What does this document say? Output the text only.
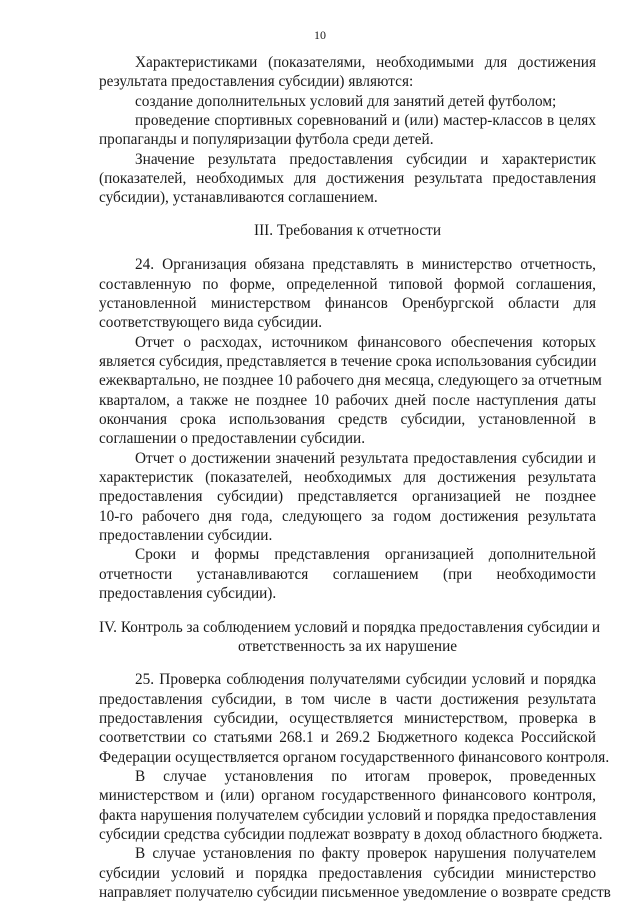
10
Характеристиками (показателями, необходимыми для достижения
результата предоставления субсидии) являются:
создание дополнительных условий для занятий детей футболом;
проведение спортивных соревнований и (или) мастер-классов в целях
пропаганды и популяризации футбола среди детей.
Значение результата предоставления субсидии и характеристик
(показателей, необходимых для достижения результата предоставления
субсидии), устанавливаются соглашением.
III. Требования к отчетности
24. Организация обязана представлять в министерство отчетность,
составленную по форме, определенной типовой формой соглашения,
установленной министерством финансов Оренбургской области для
соответствующего вида субсидии.
Отчет о расходах, источником финансового обеспечения которых
является субсидия, представляется в течение срока использования субсидии
ежеквартально, не позднее 10 рабочего дня месяца, следующего за отчетным
кварталом, а также не позднее 10 рабочих дней после наступления даты
окончания срока использования средств субсидии, установленной в
соглашении о предоставлении субсидии.
Отчет о достижении значений результата предоставления субсидии и
характеристик (показателей, необходимых для достижения результата
предоставления субсидии) представляется организацией не позднее
10-го рабочего дня года, следующего за годом достижения результата
предоставлении субсидии.
Сроки и формы представления организацией дополнительной
отчетности устанавливаются соглашением (при необходимости
предоставления субсидии).
IV. Контроль за соблюдением условий и порядка предоставления субсидии и
ответственность за их нарушение
25. Проверка соблюдения получателями субсидии условий и порядка
предоставления субсидии, в том числе в части достижения результата
предоставления субсидии, осуществляется министерством, проверка в
соответствии со статьями 268.1 и 269.2 Бюджетного кодекса Российской
Федерации осуществляется органом государственного финансового контроля.
В случае установления по итогам проверок, проведенных
министерством и (или) органом государственного финансового контроля,
факта нарушения получателем субсидии условий и порядка предоставления
субсидии средства субсидии подлежат возврату в доход областного бюджета.
В случае установления по факту проверок нарушения получателем
субсидии условий и порядка предоставления субсидии министерство
направляет получателю субсидии письменное уведомление о возврате средств
